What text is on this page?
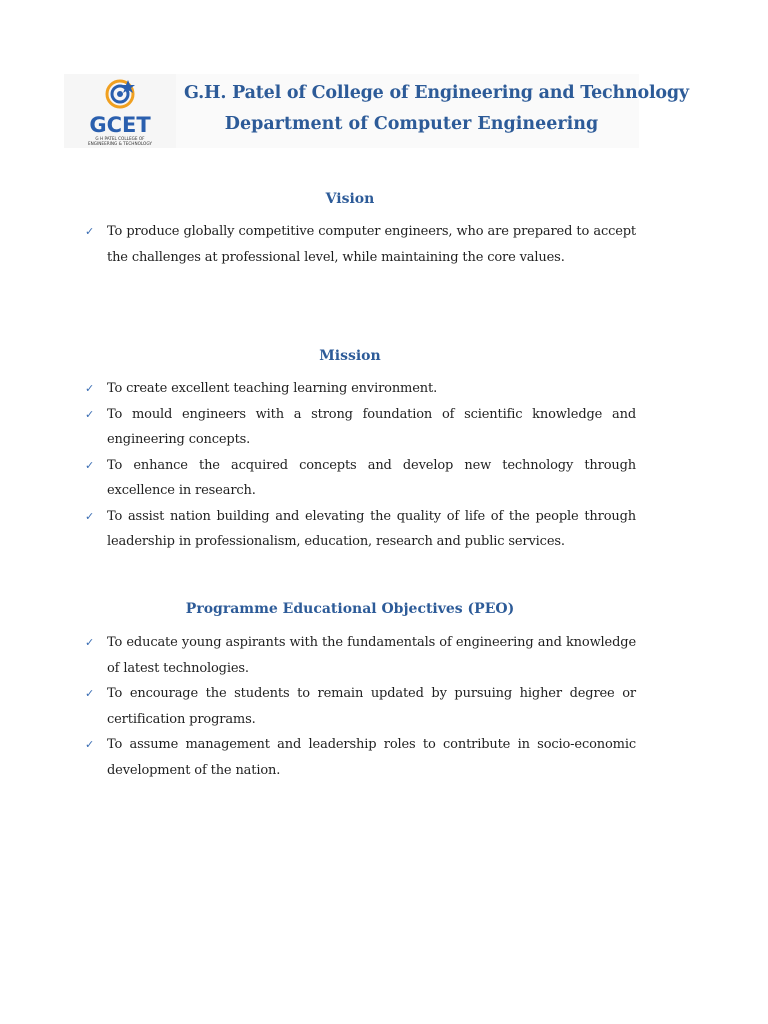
GCET
G H PATEL COLLEGE OF
ENGINEERING & TECHNOLOGY
G.H. Patel of College of Engineering and Technology
Department of Computer Engineering
Vision
✓ To produce globally competitive computer engineers, who are prepared to accept the challenges at professional level, while maintaining the core values.
Mission
✓ To create excellent teaching learning environment.
✓ To mould engineers with a strong foundation of scientific knowledge and engineering concepts.
✓ To enhance the acquired concepts and develop new technology through excellence in research.
✓ To assist nation building and elevating the quality of life of the people through leadership in professionalism, education, research and public services.
Programme Educational Objectives (PEO)
✓ To educate young aspirants with the fundamentals of engineering and knowledge of latest technologies.
✓ To encourage the students to remain updated by pursuing higher degree or certification programs.
✓ To assume management and leadership roles to contribute in socio-economic development of the nation.
